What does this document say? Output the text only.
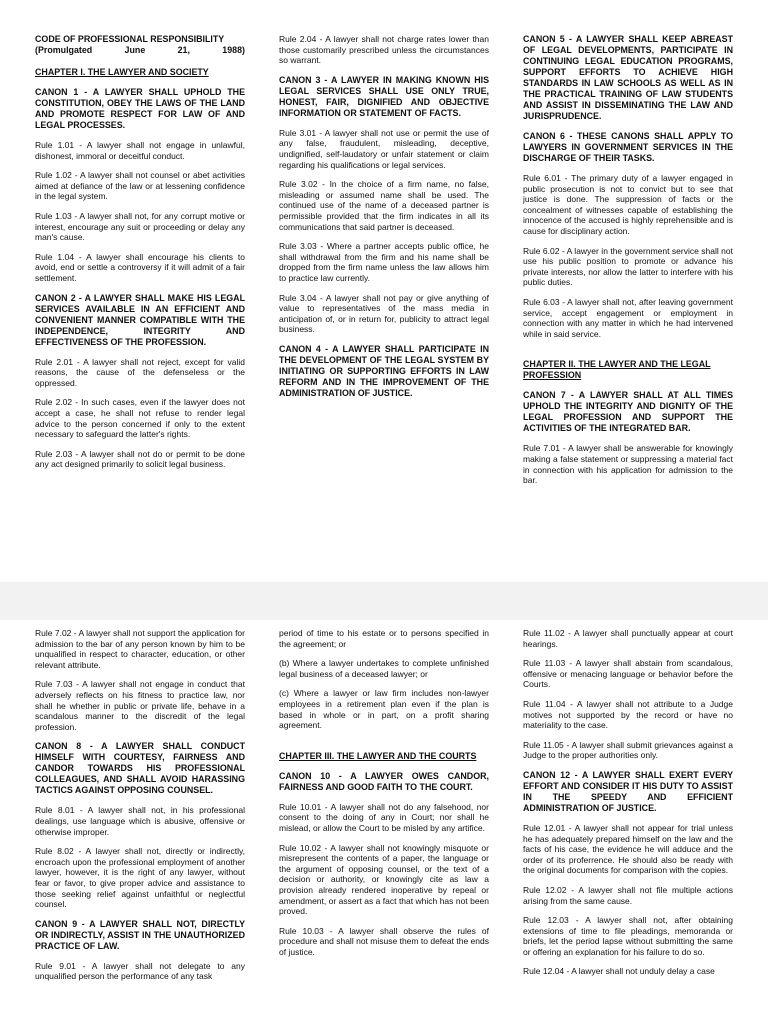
CODE OF PROFESSIONAL RESPONSIBILITY
(Promulgated	June	21,	1988)

CHAPTER I. THE LAWYER AND SOCIETY

CANON 1 - A LAWYER SHALL UPHOLD THE CONSTITUTION, OBEY THE LAWS OF THE LAND AND PROMOTE RESPECT FOR LAW OF AND LEGAL PROCESSES.

Rule 1.01 - A lawyer shall not engage in unlawful, dishonest, immoral or deceitful conduct.

Rule 1.02 - A lawyer shall not counsel or abet activities aimed at defiance of the law or at lessening confidence in the legal system.

Rule 1.03 - A lawyer shall not, for any corrupt motive or interest, encourage any suit or proceeding or delay any man's cause.

Rule 1.04 - A lawyer shall encourage his clients to avoid, end or settle a controversy if it will admit of a fair settlement.

CANON 2 - A LAWYER SHALL MAKE HIS LEGAL SERVICES AVAILABLE IN AN EFFICIENT AND CONVENIENT MANNER COMPATIBLE WITH THE INDEPENDENCE, INTEGRITY AND EFFECTIVENESS OF THE PROFESSION.

Rule 2.01 - A lawyer shall not reject, except for valid reasons, the cause of the defenseless or the oppressed.

Rule 2.02 - In such cases, even if the lawyer does not accept a case, he shall not refuse to render legal advice to the person concerned if only to the extent necessary to safeguard the latter's rights.

Rule 2.03 - A lawyer shall not do or permit to be done any act designed primarily to solicit legal business.

Rule 2.04 - A lawyer shall not charge rates lower than those customarily prescribed unless the circumstances so warrant.

CANON 3 - A LAWYER IN MAKING KNOWN HIS LEGAL SERVICES SHALL USE ONLY TRUE, HONEST, FAIR, DIGNIFIED AND OBJECTIVE INFORMATION OR STATEMENT OF FACTS.

Rule 3.01 - A lawyer shall not use or permit the use of any false, fraudulent, misleading, deceptive, undignified, self-laudatory or unfair statement or claim regarding his qualifications or legal services.

Rule 3.02 - In the choice of a firm name, no false, misleading or assumed name shall be used. The continued use of the name of a deceased partner is permissible provided that the firm indicates in all its communications that said partner is deceased.

Rule 3.03 - Where a partner accepts public office, he shall withdrawal from the firm and his name shall be dropped from the firm name unless the law allows him to practice law currently.

Rule 3.04 - A lawyer shall not pay or give anything of value to representatives of the mass media in anticipation of, or in return for, publicity to attract legal business.

CANON 4 - A LAWYER SHALL PARTICIPATE IN THE DEVELOPMENT OF THE LEGAL SYSTEM BY INITIATING OR SUPPORTING EFFORTS IN LAW REFORM AND IN THE IMPROVEMENT OF THE ADMINISTRATION OF JUSTICE.

CANON 5 - A LAWYER SHALL KEEP ABREAST OF LEGAL DEVELOPMENTS, PARTICIPATE IN CONTINUING LEGAL EDUCATION PROGRAMS, SUPPORT EFFORTS TO ACHIEVE HIGH STANDARDS IN LAW SCHOOLS AS WELL AS IN THE PRACTICAL TRAINING OF LAW STUDENTS AND ASSIST IN DISSEMINATING THE LAW AND JURISPRUDENCE.

CANON 6 - THESE CANONS SHALL APPLY TO LAWYERS IN GOVERNMENT SERVICES IN THE DISCHARGE OF THEIR TASKS.

Rule 6.01 - The primary duty of a lawyer engaged in public prosecution is not to convict but to see that justice is done. The suppression of facts or the concealment of witnesses capable of establishing the innocence of the accused is highly reprehensible and is cause for disciplinary action.

Rule 6.02 - A lawyer in the government service shall not use his public position to promote or advance his private interests, nor allow the latter to interfere with his public duties.

Rule 6.03 - A lawyer shall not, after leaving government service, accept engagement or employment in connection with any matter in which he had intervened while in said service.

CHAPTER II. THE LAWYER AND THE LEGAL PROFESSION

CANON 7 - A LAWYER SHALL AT ALL TIMES UPHOLD THE INTEGRITY AND DIGNITY OF THE LEGAL PROFESSION AND SUPPORT THE ACTIVITIES OF THE INTEGRATED BAR.

Rule 7.01 - A lawyer shall be answerable for knowingly making a false statement or suppressing a material fact in connection with his application for admission to the bar.

Rule 7.02 - A lawyer shall not support the application for admission to the bar of any person known by him to be unqualified in respect to character, education, or other relevant attribute.

Rule 7.03 - A lawyer shall not engage in conduct that adversely reflects on his fitness to practice law, nor shall he whether in public or private life, behave in a scandalous manner to the discredit of the legal profession.

CANON 8 - A LAWYER SHALL CONDUCT HIMSELF WITH COURTESY, FAIRNESS AND CANDOR TOWARDS HIS PROFESSIONAL COLLEAGUES, AND SHALL AVOID HARASSING TACTICS AGAINST OPPOSING COUNSEL.

Rule 8.01 - A lawyer shall not, in his professional dealings, use language which is abusive, offensive or otherwise improper.

Rule 8.02 - A lawyer shall not, directly or indirectly, encroach upon the professional employment of another lawyer, however, it is the right of any lawyer, without fear or favor, to give proper advice and assistance to those seeking relief against unfaithful or neglectful counsel.

CANON 9 - A LAWYER SHALL NOT, DIRECTLY OR INDIRECTLY, ASSIST IN THE UNAUTHORIZED PRACTICE OF LAW.

Rule 9.01 - A lawyer shall not delegate to any unqualified person the performance of any task

period of time to his estate or to persons specified in the agreement; or

(b) Where a lawyer undertakes to complete unfinished legal business of a deceased lawyer; or

(c) Where a lawyer or law firm includes non-lawyer employees in a retirement plan even if the plan is based in whole or in part, on a profit sharing agreement.

CHAPTER III. THE LAWYER AND THE COURTS

CANON 10 - A LAWYER OWES CANDOR, FAIRNESS AND GOOD FAITH TO THE COURT.

Rule 10.01 - A lawyer shall not do any falsehood, nor consent to the doing of any in Court; nor shall he mislead, or allow the Court to be misled by any artifice.

Rule 10.02 - A lawyer shall not knowingly misquote or misrepresent the contents of a paper, the language or the argument of opposing counsel, or the text of a decision or authority, or knowingly cite as law a provision already rendered inoperative by repeal or amendment, or assert as a fact that which has not been proved.

Rule 10.03 - A lawyer shall observe the rules of procedure and shall not misuse them to defeat the ends of justice.

Rule 11.02 - A lawyer shall punctually appear at court hearings.

Rule 11.03 - A lawyer shall abstain from scandalous, offensive or menacing language or behavior before the Courts.

Rule 11.04 - A lawyer shall not attribute to a Judge motives not supported by the record or have no materiality to the case.

Rule 11.05 - A lawyer shall submit grievances against a Judge to the proper authorities only.

CANON 12 - A LAWYER SHALL EXERT EVERY EFFORT AND CONSIDER IT HIS DUTY TO ASSIST IN THE SPEEDY AND EFFICIENT ADMINISTRATION OF JUSTICE.

Rule 12.01 - A lawyer shall not appear for trial unless he has adequately prepared himself on the law and the facts of his case, the evidence he will adduce and the order of its proferrence. He should also be ready with the original documents for comparison with the copies.

Rule 12.02 - A lawyer shall not file multiple actions arising from the same cause.

Rule 12.03 - A lawyer shall not, after obtaining extensions of time to file pleadings, memoranda or briefs, let the period lapse without submitting the same or offering an explanation for his failure to do so.

Rule 12.04 - A lawyer shall not unduly delay a case
